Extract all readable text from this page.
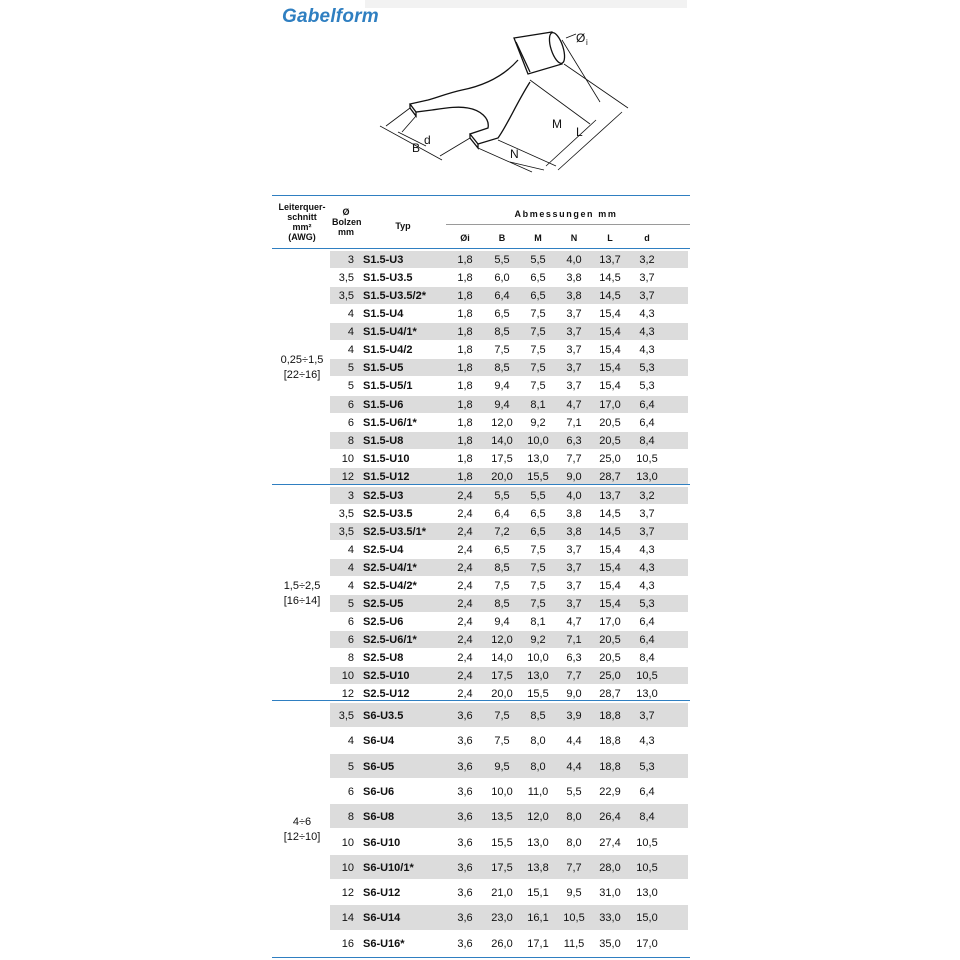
Gabelform
Ø i
B
d
N
M
L
Leiterquer-
schnitt
mm²
(AWG)
Ø
Bolzen
mm
Typ
Abmessungen mm
Øi	B	M	N	L	d
0,25÷1,5
[22÷16]
3 S1.5-U3	1,8	5,5	5,5	4,0	13,7	3,2
3,5 S1.5-U3.5	1,8	6,0	6,5	3,8	14,5	3,7
3,5 S1.5-U3.5/2*	1,8	6,4	6,5	3,8	14,5	3,7
4 S1.5-U4	1,8	6,5	7,5	3,7	15,4	4,3
4 S1.5-U4/1*	1,8	8,5	7,5	3,7	15,4	4,3
4 S1.5-U4/2	1,8	7,5	7,5	3,7	15,4	4,3
5 S1.5-U5	1,8	8,5	7,5	3,7	15,4	5,3
5 S1.5-U5/1	1,8	9,4	7,5	3,7	15,4	5,3
6 S1.5-U6	1,8	9,4	8,1	4,7	17,0	6,4
6 S1.5-U6/1*	1,8	12,0	9,2	7,1	20,5	6,4
8 S1.5-U8	1,8	14,0	10,0	6,3	20,5	8,4
10 S1.5-U10	1,8	17,5	13,0	7,7	25,0	10,5
12 S1.5-U12	1,8	20,0	15,5	9,0	28,7	13,0
1,5÷2,5
[16÷14]
3 S2.5-U3	2,4	5,5	5,5	4,0	13,7	3,2
3,5 S2.5-U3.5	2,4	6,4	6,5	3,8	14,5	3,7
3,5 S2.5-U3.5/1*	2,4	7,2	6,5	3,8	14,5	3,7
4 S2.5-U4	2,4	6,5	7,5	3,7	15,4	4,3
4 S2.5-U4/1*	2,4	8,5	7,5	3,7	15,4	4,3
4 S2.5-U4/2*	2,4	7,5	7,5	3,7	15,4	4,3
5 S2.5-U5	2,4	8,5	7,5	3,7	15,4	5,3
6 S2.5-U6	2,4	9,4	8,1	4,7	17,0	6,4
6 S2.5-U6/1*	2,4	12,0	9,2	7,1	20,5	6,4
8 S2.5-U8	2,4	14,0	10,0	6,3	20,5	8,4
10 S2.5-U10	2,4	17,5	13,0	7,7	25,0	10,5
12 S2.5-U12	2,4	20,0	15,5	9,0	28,7	13,0
4÷6
[12÷10]
3,5 S6-U3.5	3,6	7,5	8,5	3,9	18,8	3,7
4 S6-U4	3,6	7,5	8,0	4,4	18,8	4,3
5 S6-U5	3,6	9,5	8,0	4,4	18,8	5,3
6 S6-U6	3,6	10,0	11,0	5,5	22,9	6,4
8 S6-U8	3,6	13,5	12,0	8,0	26,4	8,4
10 S6-U10	3,6	15,5	13,0	8,0	27,4	10,5
10 S6-U10/1*	3,6	17,5	13,8	7,7	28,0	10,5
12 S6-U12	3,6	21,0	15,1	9,5	31,0	13,0
14 S6-U14	3,6	23,0	16,1	10,5	33,0	15,0
16 S6-U16*	3,6	26,0	17,1	11,5	35,0	17,0
